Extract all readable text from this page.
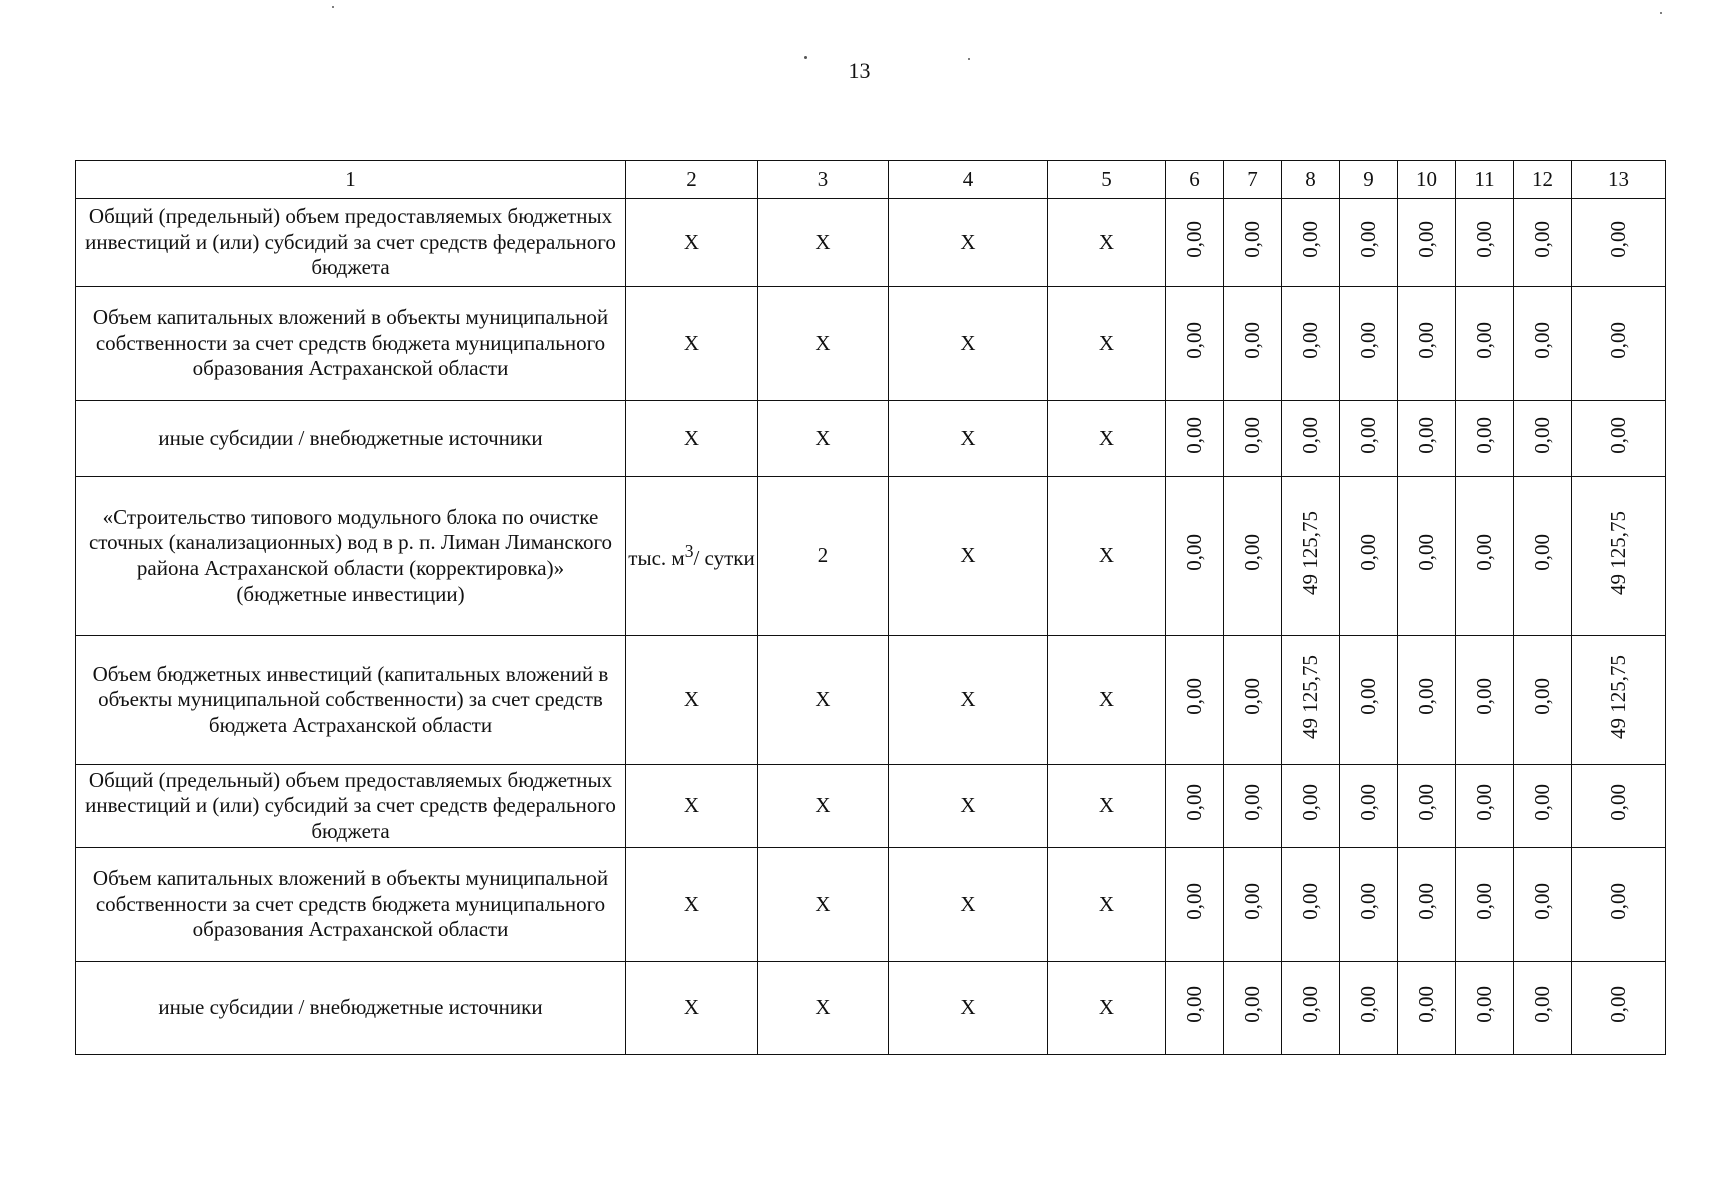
13
1	2	3	4	5	6	7	8	9	10	11	12	13
Общий (предельный) объем предоставляемых бюджетных инвестиций и (или) субсидий за счет средств федерального бюджета	Х	Х	Х	Х	0,00	0,00	0,00	0,00	0,00	0,00	0,00	0,00
Объем капитальных вложений в объекты муниципальной собственности за счет средств бюджета муниципального образования Астраханской области	Х	Х	Х	Х	0,00	0,00	0,00	0,00	0,00	0,00	0,00	0,00
иные субсидии / внебюджетные источники	Х	Х	Х	Х	0,00	0,00	0,00	0,00	0,00	0,00	0,00	0,00
«Строительство типового модульного блока по очистке сточных (канализационных) вод в р. п. Лиман Лиманского района Астраханской области (корректировка)» (бюджетные инвестиции)	тыс. $м^3/$ сутки	2	Х	Х	0,00	0,00	49 125,75	0,00	0,00	0,00	0,00	49 125,75
Объем бюджетных инвестиций (капитальных вложений в объекты муниципальной собственности) за счет средств бюджета Астраханской области	Х	Х	Х	Х	0,00	0,00	49 125,75	0,00	0,00	0,00	0,00	49 125,75
Общий (предельный) объем предоставляемых бюджетных инвестиций и (или) субсидий за счет средств федерального бюджета	Х	Х	Х	Х	0,00	0,00	0,00	0,00	0,00	0,00	0,00	0,00
Объем капитальных вложений в объекты муниципальной собственности за счет средств бюджета муниципального образования Астраханской области	Х	Х	Х	Х	0,00	0,00	0,00	0,00	0,00	0,00	0,00	0,00
иные субсидии / внебюджетные источники	Х	Х	Х	Х	0,00	0,00	0,00	0,00	0,00	0,00	0,00	0,00
